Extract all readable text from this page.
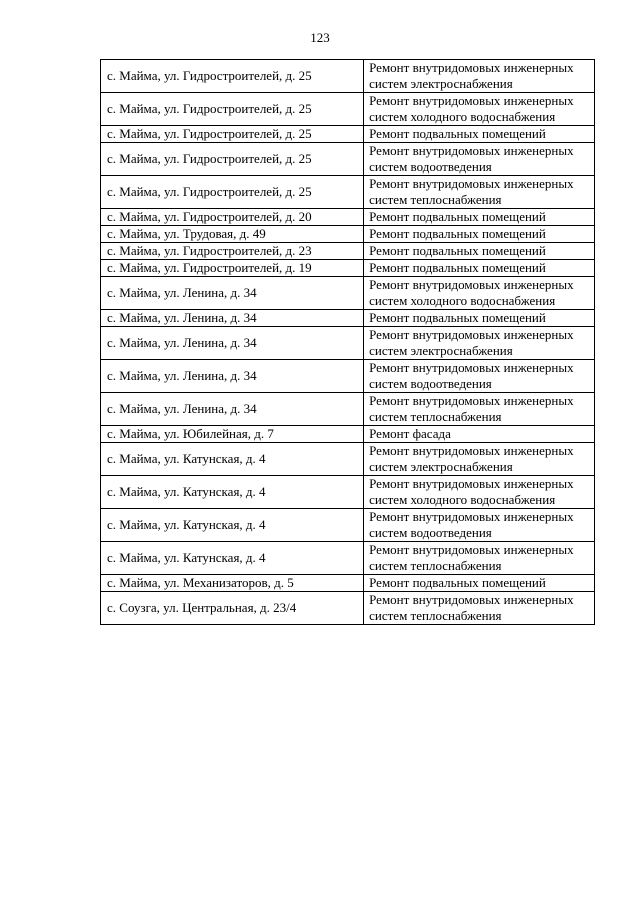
123
с. Майма, ул. Гидростроителей, д. 25	Ремонт внутридомовых инженерных систем электроснабжения
с. Майма, ул. Гидростроителей, д. 25	Ремонт внутридомовых инженерных систем холодного водоснабжения
с. Майма, ул. Гидростроителей, д. 25	Ремонт подвальных помещений
с. Майма, ул. Гидростроителей, д. 25	Ремонт внутридомовых инженерных систем водоотведения
с. Майма, ул. Гидростроителей, д. 25	Ремонт внутридомовых инженерных систем теплоснабжения
с. Майма, ул. Гидростроителей, д. 20	Ремонт подвальных помещений
с. Майма, ул. Трудовая, д. 49	Ремонт подвальных помещений
с. Майма, ул. Гидростроителей, д. 23	Ремонт подвальных помещений
с. Майма, ул. Гидростроителей, д. 19	Ремонт подвальных помещений
с. Майма, ул. Ленина, д. 34	Ремонт внутридомовых инженерных систем холодного водоснабжения
с. Майма, ул. Ленина, д. 34	Ремонт подвальных помещений
с. Майма, ул. Ленина, д. 34	Ремонт внутридомовых инженерных систем электроснабжения
с. Майма, ул. Ленина, д. 34	Ремонт внутридомовых инженерных систем водоотведения
с. Майма, ул. Ленина, д. 34	Ремонт внутридомовых инженерных систем теплоснабжения
с. Майма, ул. Юбилейная, д. 7	Ремонт фасада
с. Майма, ул. Катунская, д. 4	Ремонт внутридомовых инженерных систем электроснабжения
с. Майма, ул. Катунская, д. 4	Ремонт внутридомовых инженерных систем холодного водоснабжения
с. Майма, ул. Катунская, д. 4	Ремонт внутридомовых инженерных систем водоотведения
с. Майма, ул. Катунская, д. 4	Ремонт внутридомовых инженерных систем теплоснабжения
с. Майма, ул. Механизаторов, д. 5	Ремонт подвальных помещений
с. Соузга, ул. Центральная, д. 23/4	Ремонт внутридомовых инженерных систем теплоснабжения
